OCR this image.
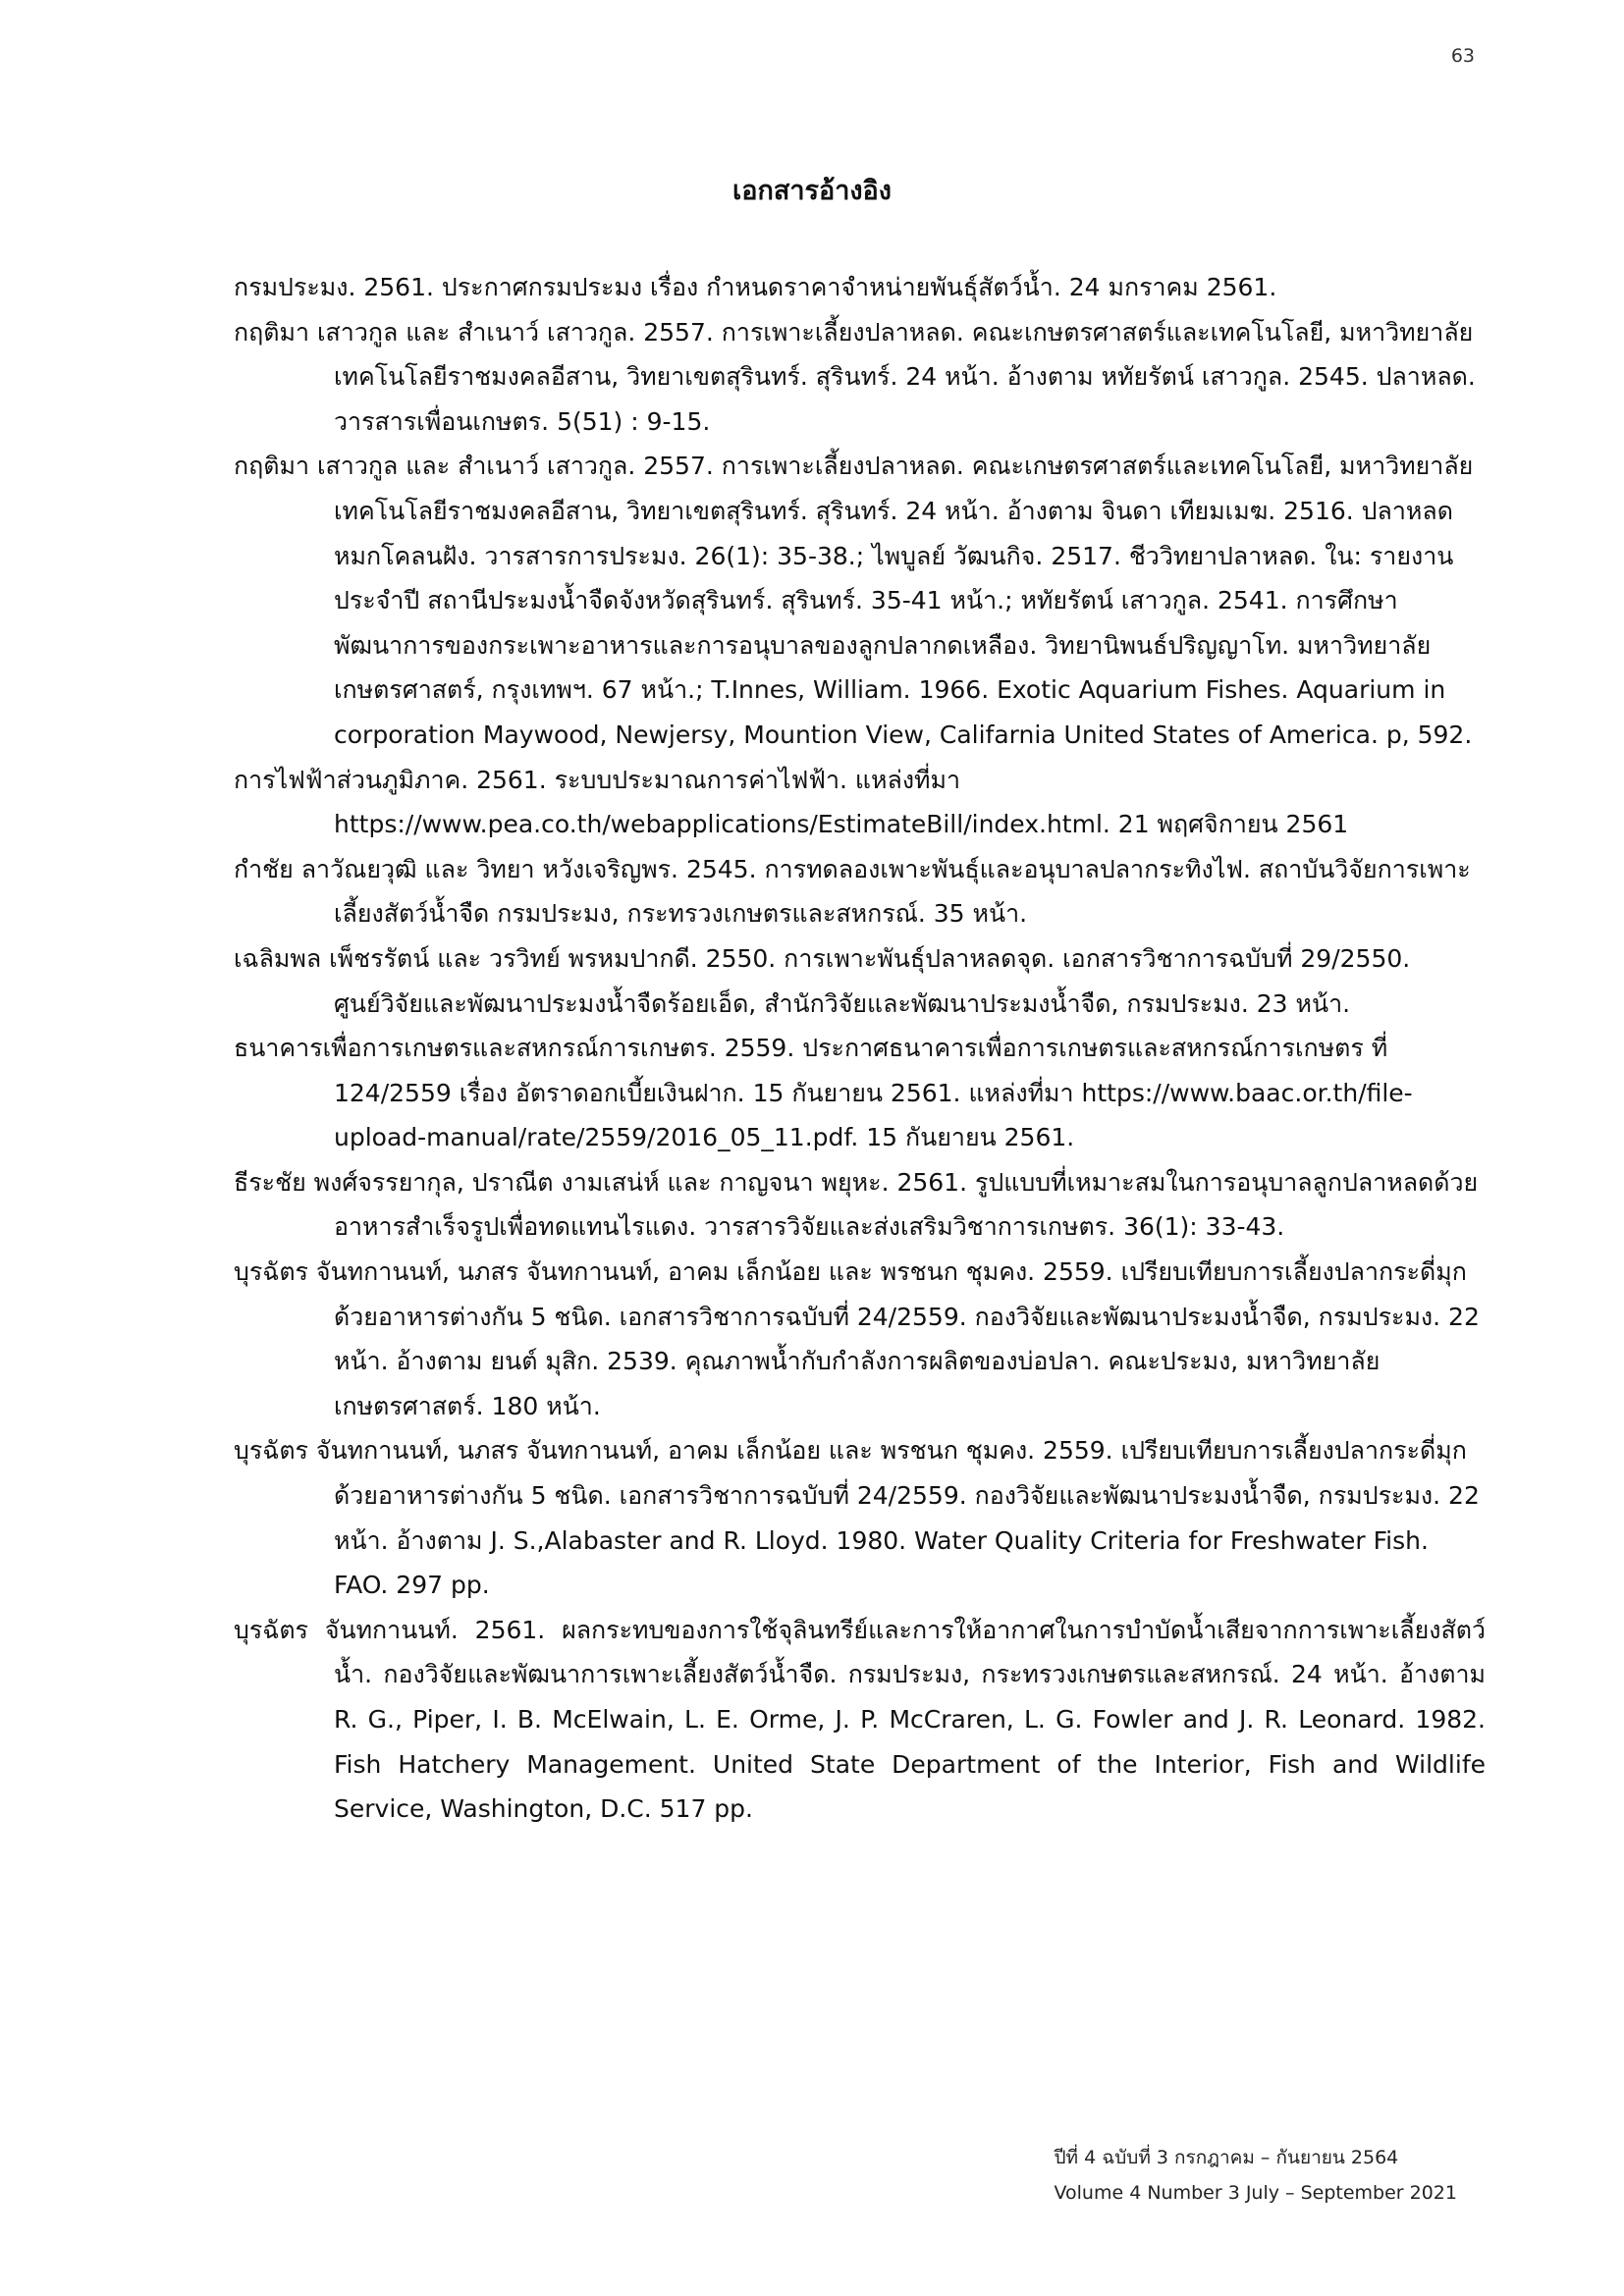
63
เอกสารอ้างอิง
กรมประมง. 2561. ประกาศกรมประมง เรื่อง กำหนดราคาจำหน่ายพันธุ์สัตว์น้ำ. 24 มกราคม 2561.
กฤติมา เสาวกูล และ สำเนาว์ เสาวกูล. 2557. การเพาะเลี้ยงปลาหลด. คณะเกษตรศาสตร์และเทคโนโลยี, มหาวิทยาลัยเทคโนโลยีราชมงคลอีสาน, วิทยาเขตสุรินทร์. สุรินทร์. 24 หน้า. อ้างตาม หทัยรัตน์ เสาวกูล. 2545. ปลาหลด. วารสารเพื่อนเกษตร. 5(51) : 9-15.
กฤติมา เสาวกูล และ สำเนาว์ เสาวกูล. 2557. การเพาะเลี้ยงปลาหลด. คณะเกษตรศาสตร์และเทคโนโลยี, มหาวิทยาลัยเทคโนโลยีราชมงคลอีสาน, วิทยาเขตสุรินทร์. สุรินทร์. 24 หน้า. อ้างตาม จินดา เทียมเมฆ. 2516. ปลาหลด หมกโคลนฝัง. วารสารการประมง. 26(1): 35-38.; ไพบูลย์ วัฒนกิจ. 2517. ชีววิทยาปลาหลด. ใน: รายงานประจำปี สถานีประมงน้ำจืดจังหวัดสุรินทร์. สุรินทร์. 35-41 หน้า.; หทัยรัตน์ เสาวกูล. 2541. การศึกษาพัฒนาการของกระเพาะอาหารและการอนุบาลของลูกปลากดเหลือง. วิทยานิพนธ์ปริญญาโท. มหาวิทยาลัยเกษตรศาสตร์, กรุงเทพฯ. 67 หน้า.; T.Innes, William. 1966. Exotic Aquarium Fishes. Aquarium in corporation Maywood, Newjersy, Mountion View, Califarnia United States of America. p, 592.
การไฟฟ้าส่วนภูมิภาค. 2561. ระบบประมาณการค่าไฟฟ้า. แหล่งที่มา https://www.pea.co.th/webapplications/EstimateBill/index.html. 21 พฤศจิกายน 2561
กำชัย ลาวัณยวุฒิ และ วิทยา หวังเจริญพร. 2545. การทดลองเพาะพันธุ์และอนุบาลปลากระทิงไฟ. สถาบันวิจัยการเพาะเลี้ยงสัตว์น้ำจืด กรมประมง, กระทรวงเกษตรและสหกรณ์. 35 หน้า.
เฉลิมพล เพ็ชรรัตน์ และ วรวิทย์ พรหมปากดี. 2550. การเพาะพันธุ์ปลาหลดจุด. เอกสารวิชาการฉบับที่ 29/2550. ศูนย์วิจัยและพัฒนาประมงน้ำจืดร้อยเอ็ด, สำนักวิจัยและพัฒนาประมงน้ำจืด, กรมประมง. 23 หน้า.
ธนาคารเพื่อการเกษตรและสหกรณ์การเกษตร. 2559. ประกาศธนาคารเพื่อการเกษตรและสหกรณ์การเกษตร ที่ 124/2559 เรื่อง อัตราดอกเบี้ยเงินฝาก. 15 กันยายน 2561. แหล่งที่มา https://www.baac.or.th/file-upload-manual/rate/2559/2016_05_11.pdf. 15 กันยายน 2561.
ธีระชัย พงศ์จรรยากุล, ปราณีต งามเสน่ห์ และ กาญจนา พยุหะ. 2561. รูปแบบที่เหมาะสมในการอนุบาลลูกปลาหลดด้วยอาหารสำเร็จรูปเพื่อทดแทนไรแดง. วารสารวิจัยและส่งเสริมวิชาการเกษตร. 36(1): 33-43.
บุรฉัตร จันทกานนท์, นภสร จันทกานนท์, อาคม เล็กน้อย และ พรชนก ชุมคง. 2559. เปรียบเทียบการเลี้ยงปลากระดี่มุกด้วยอาหารต่างกัน 5 ชนิด. เอกสารวิชาการฉบับที่ 24/2559. กองวิจัยและพัฒนาประมงน้ำจืด, กรมประมง. 22 หน้า. อ้างตาม ยนต์ มุสิก. 2539. คุณภาพน้ำกับกำลังการผลิตของบ่อปลา. คณะประมง, มหาวิทยาลัยเกษตรศาสตร์. 180 หน้า.
บุรฉัตร จันทกานนท์, นภสร จันทกานนท์, อาคม เล็กน้อย และ พรชนก ชุมคง. 2559. เปรียบเทียบการเลี้ยงปลากระดี่มุกด้วยอาหารต่างกัน 5 ชนิด. เอกสารวิชาการฉบับที่ 24/2559. กองวิจัยและพัฒนาประมงน้ำจืด, กรมประมง. 22 หน้า. อ้างตาม J. S.,Alabaster and R. Lloyd. 1980. Water Quality Criteria for Freshwater Fish. FAO. 297 pp.
บุรฉัตร จันทกานนท์. 2561. ผลกระทบของการใช้จุลินทรีย์และการให้อากาศในการบำบัดน้ำเสียจากการเพาะเลี้ยงสัตว์น้ำ. กองวิจัยและพัฒนาการเพาะเลี้ยงสัตว์น้ำจืด. กรมประมง, กระทรวงเกษตรและสหกรณ์. 24 หน้า. อ้างตาม R. G., Piper, I. B. McElwain, L. E. Orme, J. P. McCraren, L. G. Fowler and J. R. Leonard. 1982. Fish Hatchery Management. United State Department of the Interior, Fish and Wildlife Service, Washington, D.C. 517 pp.
ปีที่ 4 ฉบับที่ 3 กรกฎาคม – กันยายน 2564
Volume 4 Number 3 July – September 2021
